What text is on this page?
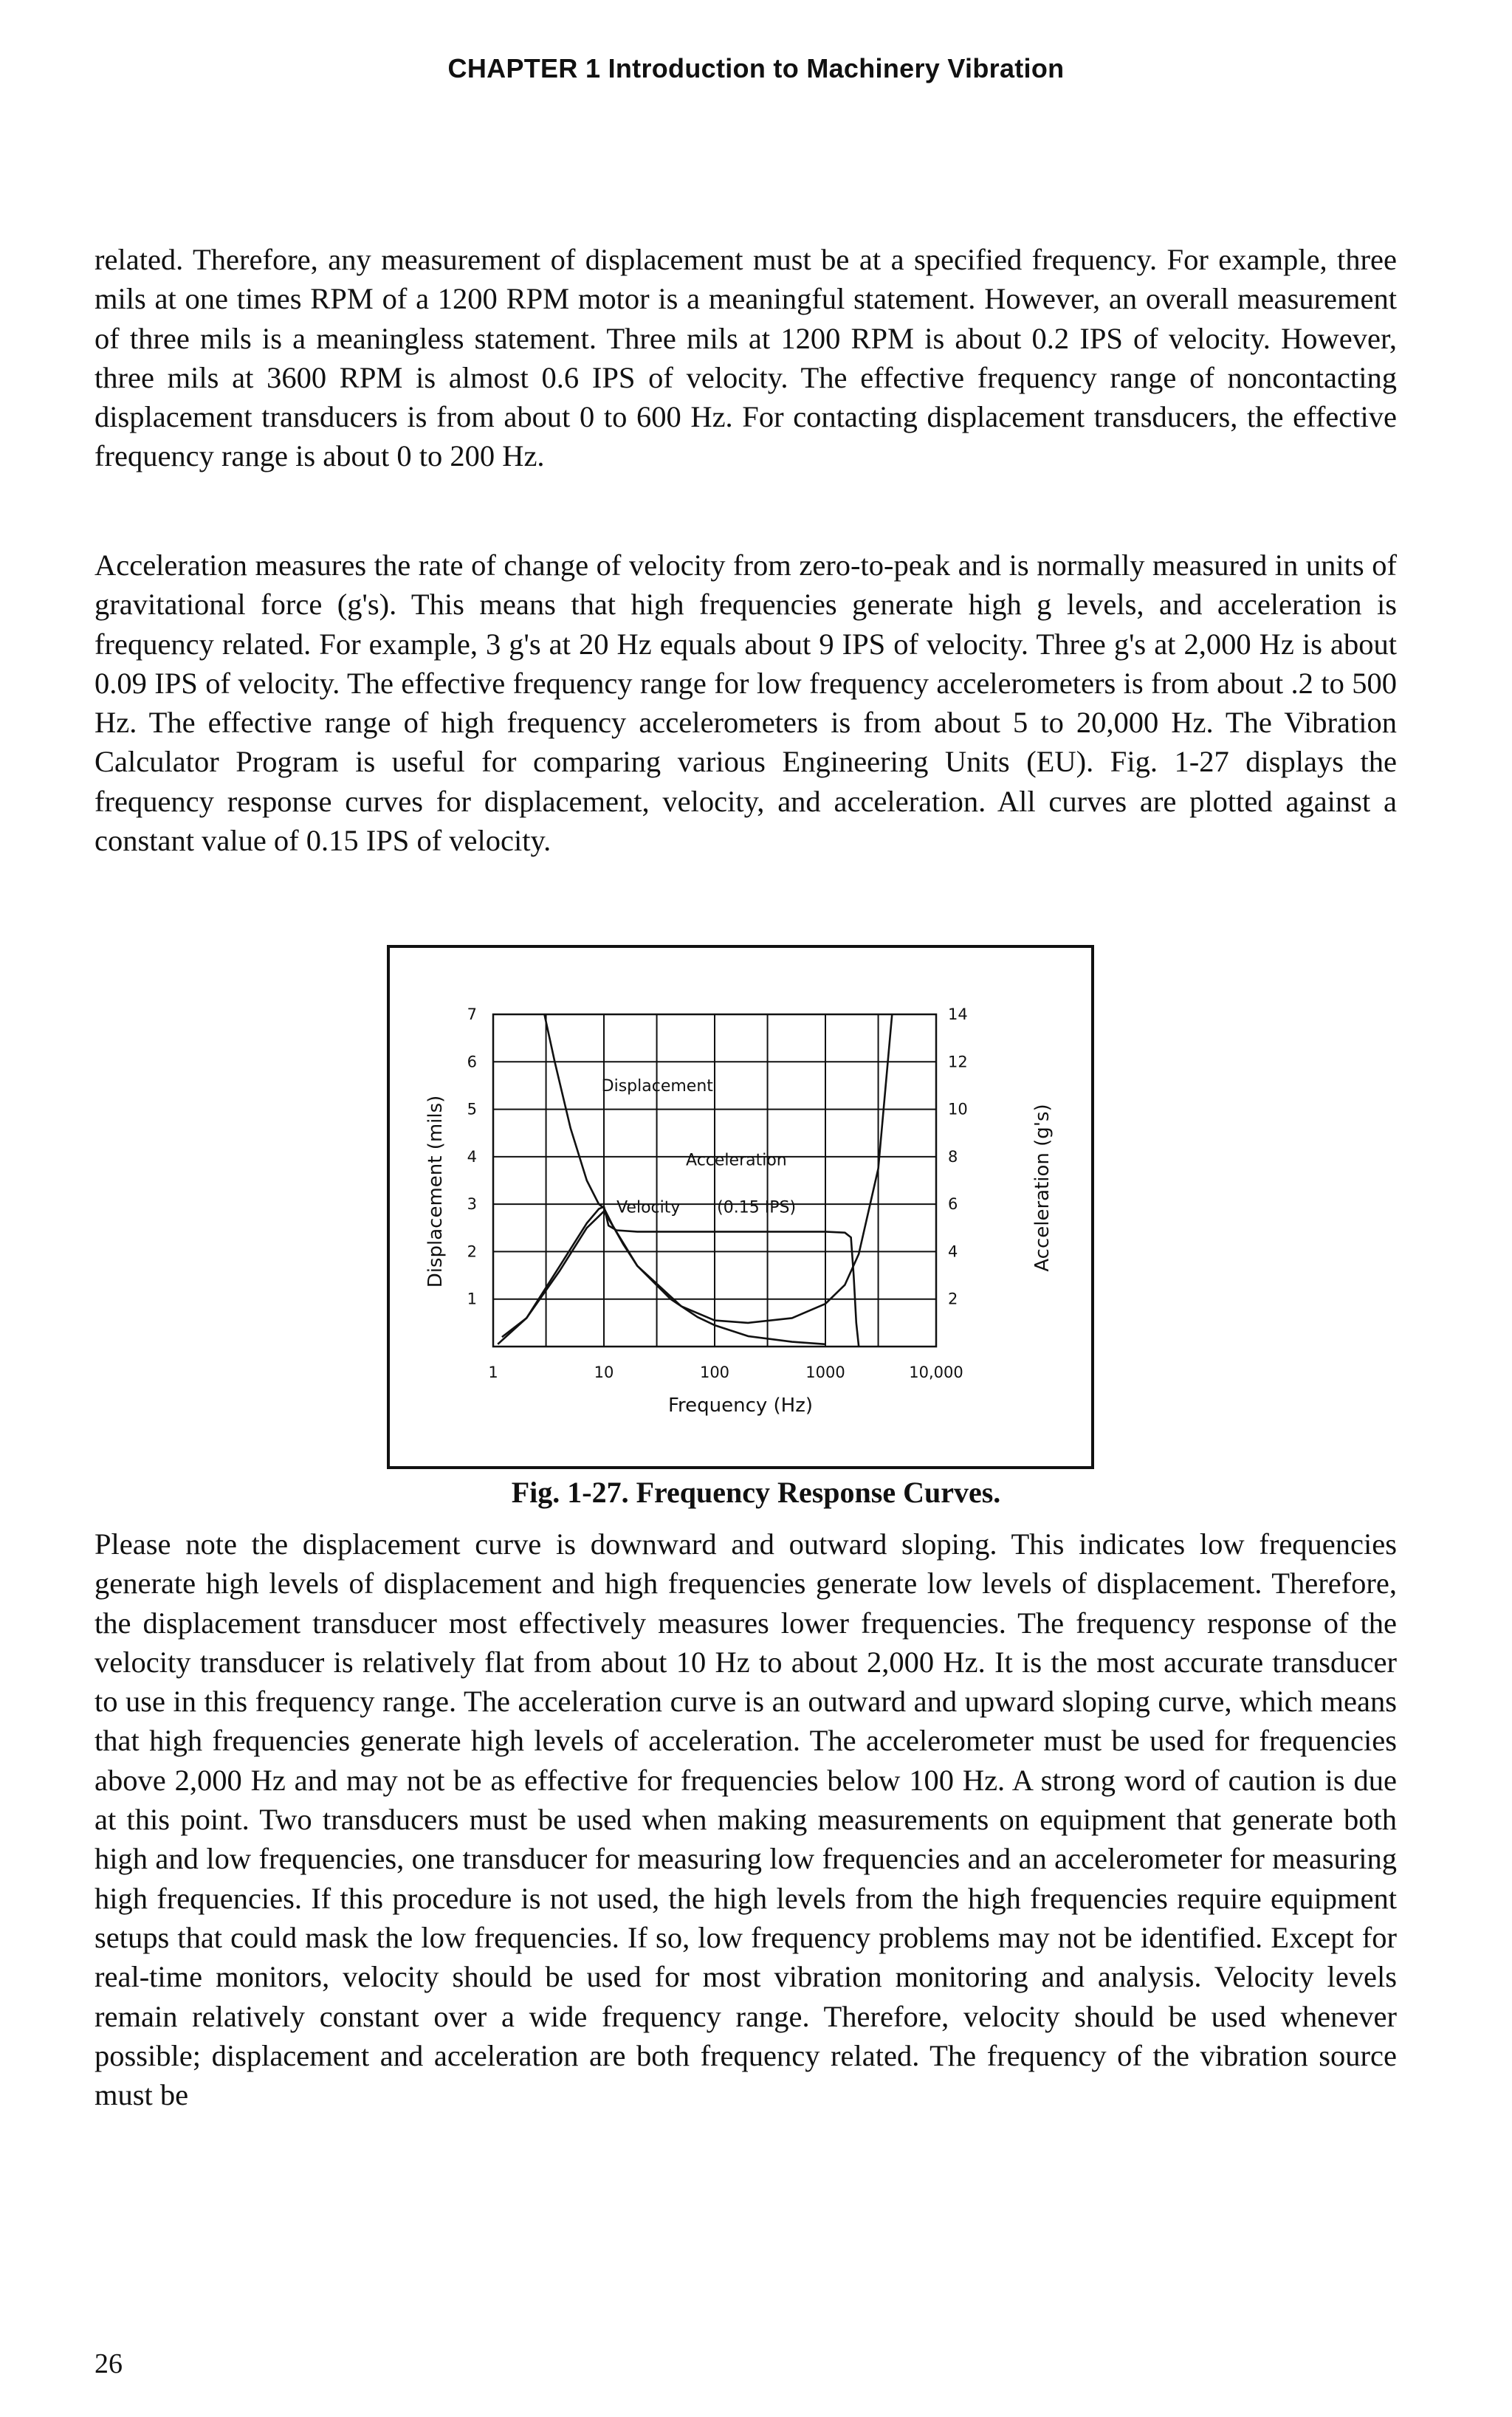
CHAPTER 1 Introduction to Machinery Vibration

related. Therefore, any measurement of displacement must be at a specified frequency. For example, three mils at one times RPM of a 1200 RPM motor is a meaningful statement. However, an overall measurement of three mils is a meaningless statement. Three mils at 1200 RPM is about 0.2 IPS of velocity. However, three mils at 3600 RPM is almost 0.6 IPS of velocity. The effective frequency range of noncontacting displacement transducers is from about 0 to 600 Hz. For contacting displacement transducers, the effective frequency range is about 0 to 200 Hz.

Acceleration measures the rate of change of velocity from zero-to-peak and is normally measured in units of gravitational force (g's). This means that high frequencies generate high g levels, and acceleration is frequency related. For example, 3 g's at 20 Hz equals about 9 IPS of velocity. Three g's at 2,000 Hz is about 0.09 IPS of velocity. The effective frequency range for low frequency accelerometers is from about .2 to 500 Hz. The effective range of high frequency accelerometers is from about 5 to 20,000 Hz. The Vibration Calculator Program is useful for comparing various Engineering Units (EU). Fig. 1-27 displays the frequency response curves for displacement, velocity, and acceleration. All curves are plotted against a constant value of 0.15 IPS of velocity.

Displacement
Acceleration
Velocity (0.15 IPS)
1	10	100	1000	10,000
1
2
3
4
5
6
7
2
4
6
8
10
12
14
Frequency (Hz)
Displacement (mils)	Acceleration (g's)
Fig. 1-27. Frequency Response Curves.

Please note the displacement curve is downward and outward sloping. This indicates low frequencies generate high levels of displacement and high frequencies generate low levels of displacement. Therefore, the displacement transducer most effectively measures lower frequencies. The frequency response of the velocity transducer is relatively flat from about 10 Hz to about 2,000 Hz. It is the most accurate transducer to use in this frequency range. The acceleration curve is an outward and upward sloping curve, which means that high frequencies generate high levels of acceleration. The accelerometer must be used for frequencies above 2,000 Hz and may not be as effective for frequencies below 100 Hz. A strong word of caution is due at this point. Two transducers must be used when making measurements on equipment that generate both high and low frequencies, one transducer for measuring low frequencies and an accelerometer for measuring high frequencies. If this procedure is not used, the high levels from the high frequencies require equipment setups that could mask the low frequencies. If so, low frequency problems may not be identified. Except for real-time monitors, velocity should be used for most vibration monitoring and analysis. Velocity levels remain relatively constant over a wide frequency range. Therefore, velocity should be used whenever possible; displacement and acceleration are both frequency related. The frequency of the vibration source must be

26
